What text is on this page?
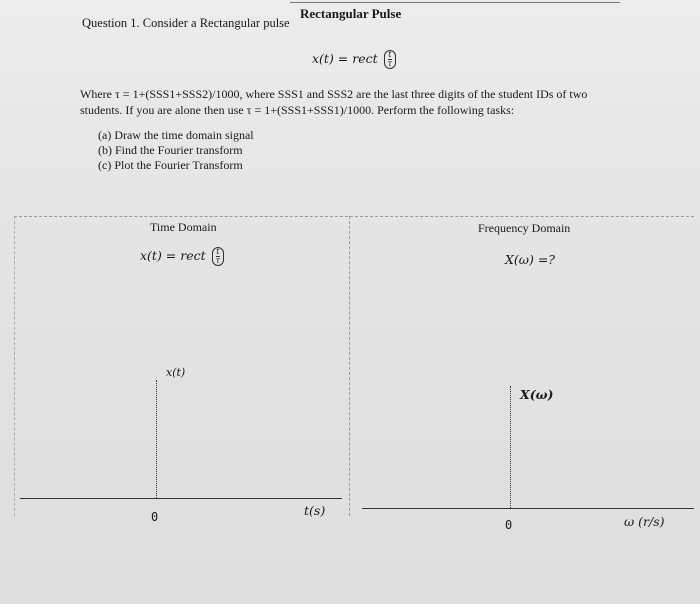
Rectangular Pulse
Question 1. Consider a Rectangular pulse
x(t) = rect $\frac{t}{\tau}$
Where τ = 1+(SSS1+SSS2)/1000, where SSS1 and SSS2 are the last three digits of the student IDs of two
students. If you are alone then use τ = 1+(SSS1+SSS1)/1000. Perform the following tasks:
(a) Draw the time domain signal
(b) Find the Fourier transform
(c) Plot the Fourier Transform
Time Domain
x(t) = rect $\frac{t}{\tau}$
x(t)
0	t(s)
Frequency Domain
X(ω) =?
X(ω)
0	ω (r/s)
